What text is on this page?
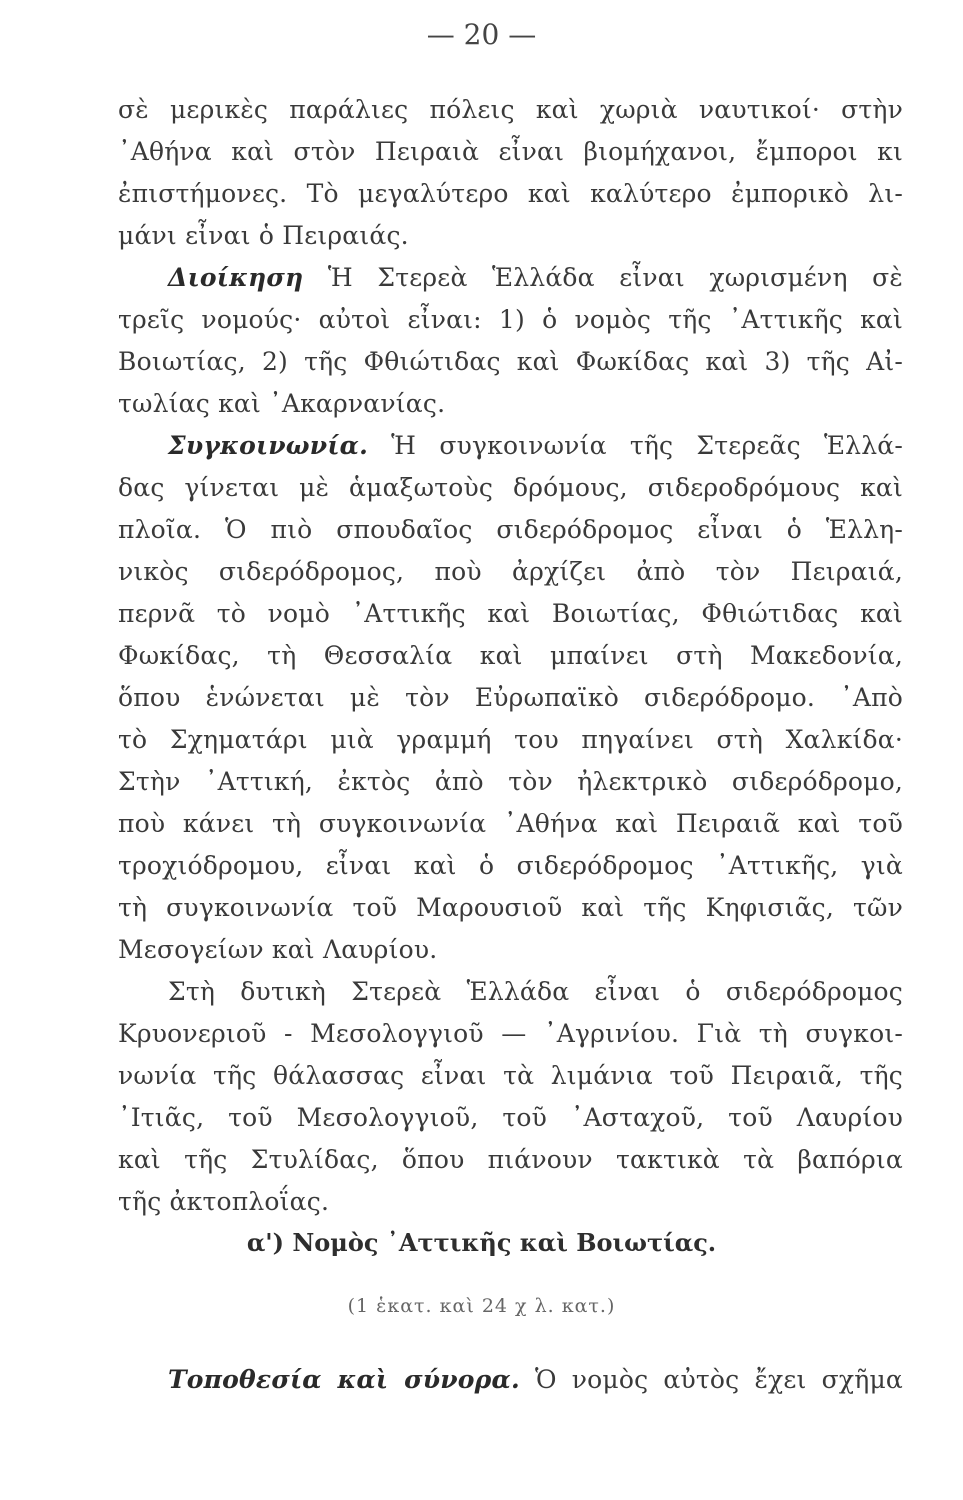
— 20 —
σὲ μερικὲς παράλιες πόλεις καὶ χωριὰ ναυτικοί· στὴν
᾿Αθήνα καὶ στὸν Πειραιὰ εἶναι βιομήχανοι, ἔμποροι κι
ἐπιστήμονες. Τὸ μεγαλύτερο καὶ καλύτερο ἐμπορικὸ λι-
μάνι εἶναι ὁ Πειραιάς.
Διοίκηση Ἡ Στερεὰ Ἑλλάδα εἶναι χωρισμένη σὲ
τρεῖς νομούς· αὐτοὶ εἶναι: 1) ὁ νομὸς τῆς ᾿Αττικῆς καὶ
Βοιωτίας, 2) τῆς Φθιώτιδας καὶ Φωκίδας καὶ 3) τῆς Αἰ-
τωλίας καὶ ᾿Ακαρνανίας.
Συγκοινωνία. Ἡ συγκοινωνία τῆς Στερεᾶς Ἑλλά-
δας γίνεται μὲ ἁμαξωτοὺς δρόμους, σιδεροδρόμους καὶ
πλοῖα. Ὁ πιὸ σπουδαῖος σιδερόδρομος εἶναι ὁ Ἑλλη-
νικὸς σιδερόδρομος, ποὺ ἀρχίζει ἀπὸ τὸν Πειραιά,
περνᾶ τὸ νομὸ ᾿Αττικῆς καὶ Βοιωτίας, Φθιώτιδας καὶ
Φωκίδας, τὴ Θεσσαλία καὶ μπαίνει στὴ Μακεδονία,
ὅπου ἑνώνεται μὲ τὸν Εὐρωπαϊκὸ σιδερόδρομο. ᾿Απὸ
τὸ Σχηματάρι μιὰ γραμμή του πηγαίνει στὴ Χαλκίδα·
Στὴν ᾿Αττική, ἐκτὸς ἀπὸ τὸν ἠλεκτρικὸ σιδερόδρομο,
ποὺ κάνει τὴ συγκοινωνία ᾿Αθήνα καὶ Πειραιᾶ καὶ τοῦ
τροχιόδρομου, εἶναι καὶ ὁ σιδερόδρομος ᾿Αττικῆς, γιὰ
τὴ συγκοινωνία τοῦ Μαρουσιοῦ καὶ τῆς Κηφισιᾶς, τῶν
Μεσογείων καὶ Λαυρίου.
Στὴ δυτικὴ Στερεὰ Ἑλλάδα εἶναι ὁ σιδερόδρομος
Κρυονεριοῦ - Μεσολογγιοῦ — ᾿Αγρινίου. Γιὰ τὴ συγκοι-
νωνία τῆς θάλασσας εἶναι τὰ λιμάνια τοῦ Πειραιᾶ, τῆς
᾿Ιτιᾶς, τοῦ Μεσολογγιοῦ, τοῦ ᾿Ασταχοῦ, τοῦ Λαυρίου
καὶ τῆς Στυλίδας, ὅπου πιάνουν τακτικὰ τὰ βαπόρια
τῆς ἀκτοπλοΐας.
α') Νομὸς ᾿Αττικῆς καὶ Βοιωτίας.
(1 ἑκατ. καὶ 24 χ λ. κατ.)
Τοποθεσία καὶ σύνορα. Ὁ νομὸς αὐτὸς ἔχει σχῆμα
